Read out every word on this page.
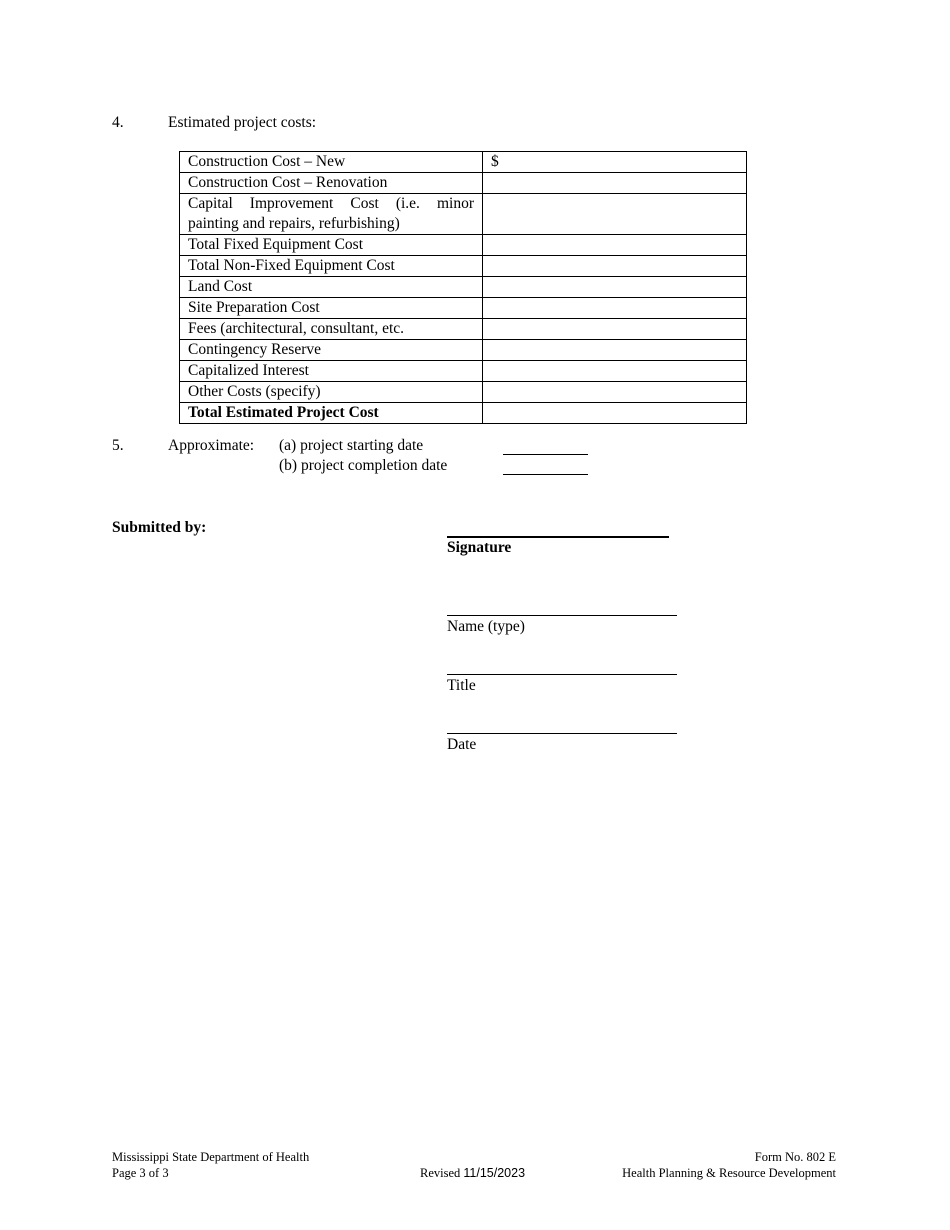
4.	Estimated project costs:
Construction Cost – New	$
Construction Cost – Renovation	
Capital Improvement Cost (i.e. minor painting and repairs, refurbishing)	
Total Fixed Equipment Cost	
Total Non-Fixed Equipment Cost	
Land Cost	
Site Preparation Cost	
Fees (architectural, consultant, etc.	
Contingency Reserve	
Capitalized Interest	
Other Costs (specify)	
Total Estimated Project Cost	
5.	Approximate: (a) project starting date
(b) project completion date
Submitted by:
Signature
Name (type)
Title
Date
Mississippi State Department of Health
Page 3 of 3	Revised 11/15/2023
Form No. 802 E
Health Planning & Resource Development
